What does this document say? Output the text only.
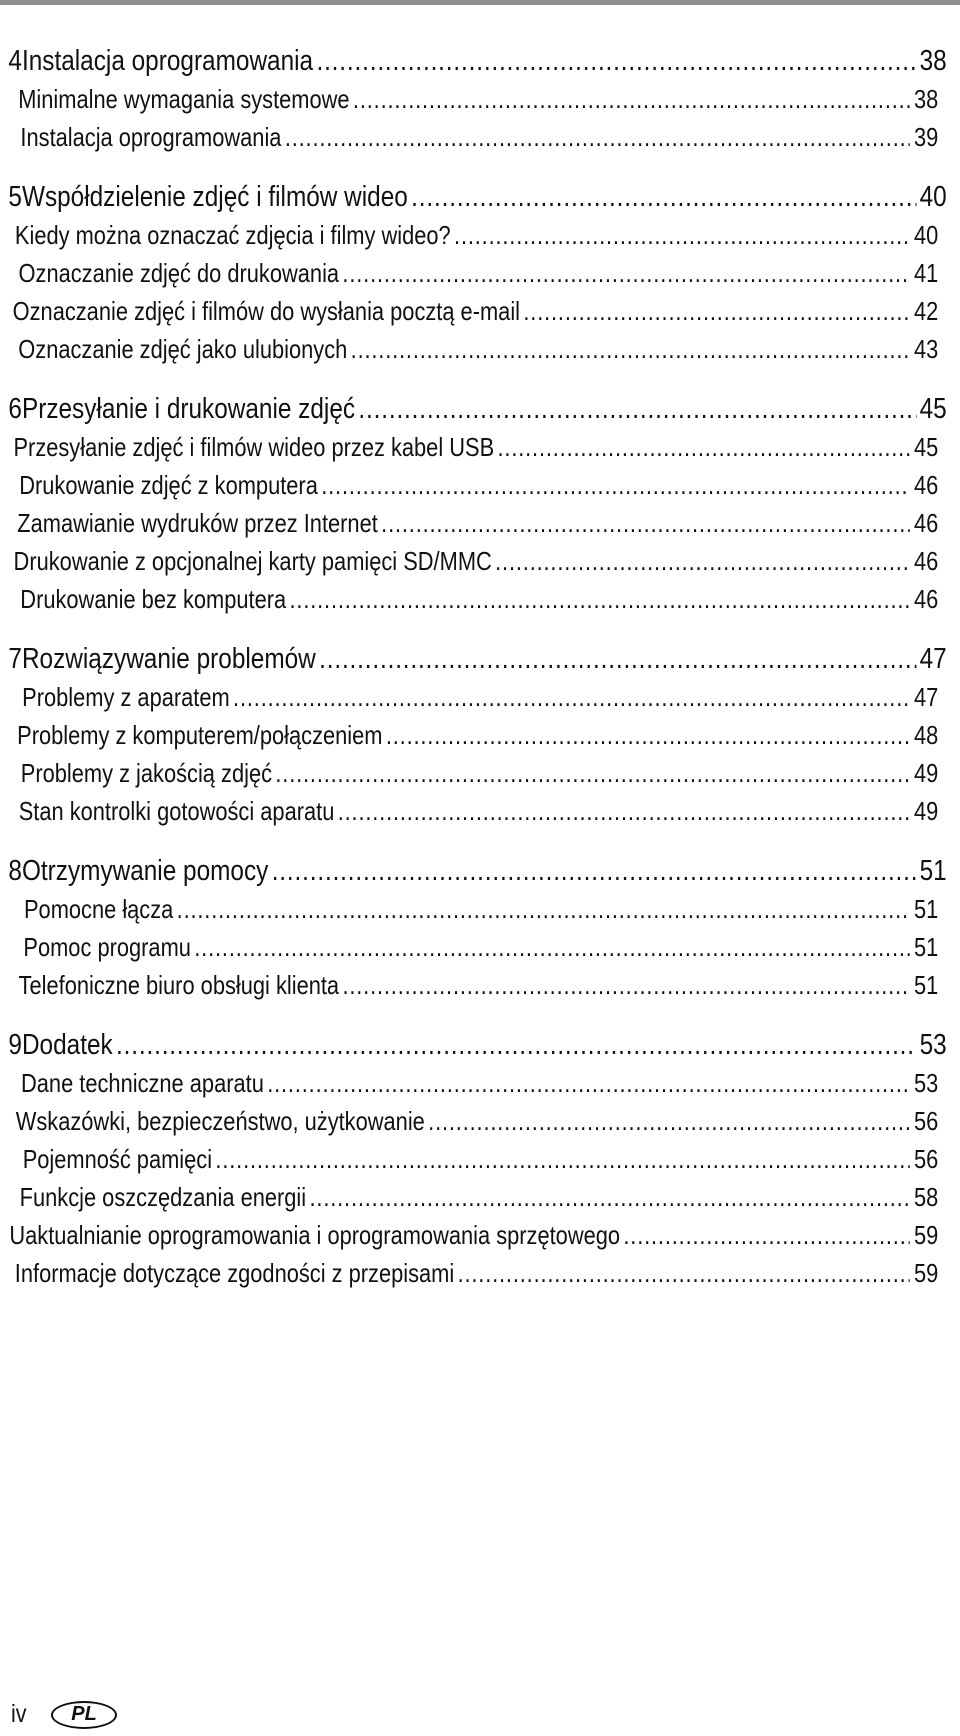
4 Instalacja oprogramowania .....	38
Minimalne wymagania systemowe .....	38
Instalacja oprogramowania .....	39
5 Współdzielenie zdjęć i filmów wideo .....	40
Kiedy można oznaczać zdjęcia i filmy wideo? .....	40
Oznaczanie zdjęć do drukowania .....	41
Oznaczanie zdjęć i filmów do wysłania pocztą e-mail .....	42
Oznaczanie zdjęć jako ulubionych .....	43
6 Przesyłanie i drukowanie zdjęć .....	45
Przesyłanie zdjęć i filmów wideo przez kabel USB .....	45
Drukowanie zdjęć z komputera .....	46
Zamawianie wydruków przez Internet .....	46
Drukowanie z opcjonalnej karty pamięci SD/MMC .....	46
Drukowanie bez komputera .....	46
7 Rozwiązywanie problemów .....	47
Problemy z aparatem .....	47
Problemy z komputerem/połączeniem .....	48
Problemy z jakością zdjęć .....	49
Stan kontrolki gotowości aparatu .....	49
8 Otrzymywanie pomocy .....	51
Pomocne łącza .....	51
Pomoc programu .....	51
Telefoniczne biuro obsługi klienta .....	51
9 Dodatek .....	53
Dane techniczne aparatu .....	53
Wskazówki, bezpieczeństwo, użytkowanie .....	56
Pojemność pamięci .....	56
Funkcje oszczędzania energii .....	58
Uaktualnianie oprogramowania i oprogramowania sprzętowego .....	59
Informacje dotyczące zgodności z przepisami .....	59
iv	PL
